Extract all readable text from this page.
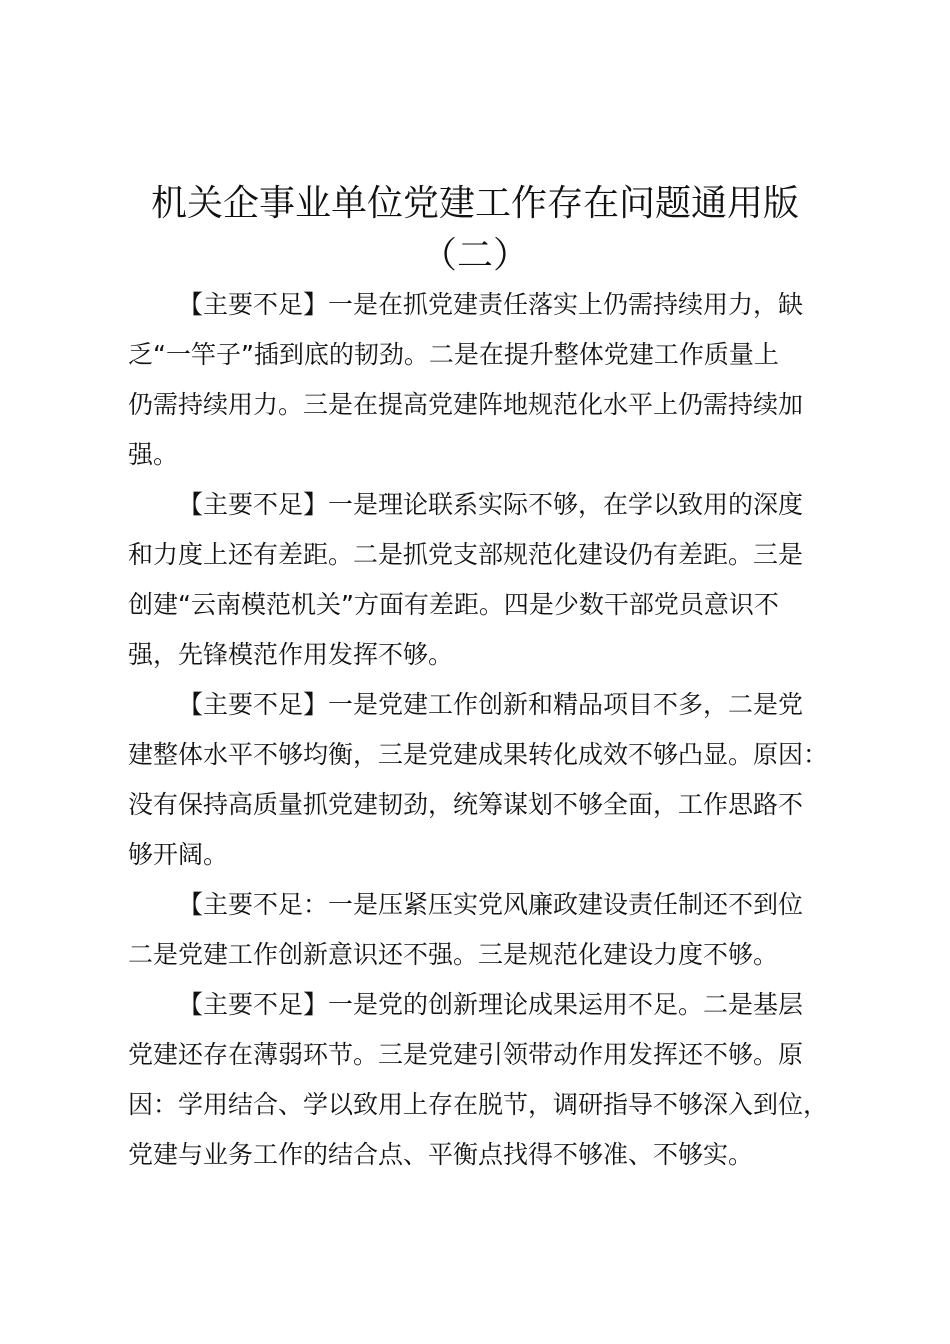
机关企事业单位党建工作存在问题通用版
（二）

【主要不足】一是在抓党建责任落实上仍需持续用力，缺
乏“一竿子”插到底的韧劲。二是在提升整体党建工作质量上
仍需持续用力。三是在提高党建阵地规范化水平上仍需持续加
强。

【主要不足】一是理论联系实际不够，在学以致用的深度
和力度上还有差距。二是抓党支部规范化建设仍有差距。三是
创建“云南模范机关”方面有差距。四是少数干部党员意识不
强，先锋模范作用发挥不够。

【主要不足】一是党建工作创新和精品项目不多，二是党
建整体水平不够均衡，三是党建成果转化成效不够凸显。原因：
没有保持高质量抓党建韧劲，统筹谋划不够全面，工作思路不
够开阔。

【主要不足：一是压紧压实党风廉政建设责任制还不到位
二是党建工作创新意识还不强。三是规范化建设力度不够。

【主要不足】一是党的创新理论成果运用不足。二是基层
党建还存在薄弱环节。三是党建引领带动作用发挥还不够。原
因：学用结合、学以致用上存在脱节，调研指导不够深入到位，
党建与业务工作的结合点、平衡点找得不够准、不够实。
